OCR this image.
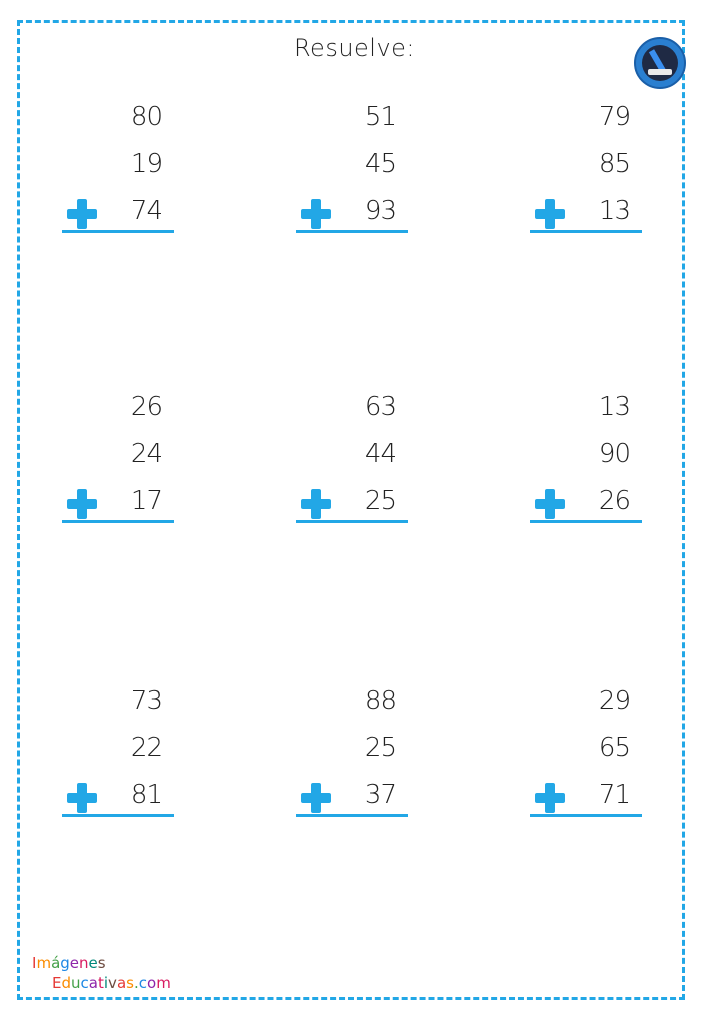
Resuelve:
80
19
74
51
45
93
79
85
13
26
24
17
63
44
25
13
90
26
73
22
81
88
25
37
29
65
71
Imágenes
Educativas.com
